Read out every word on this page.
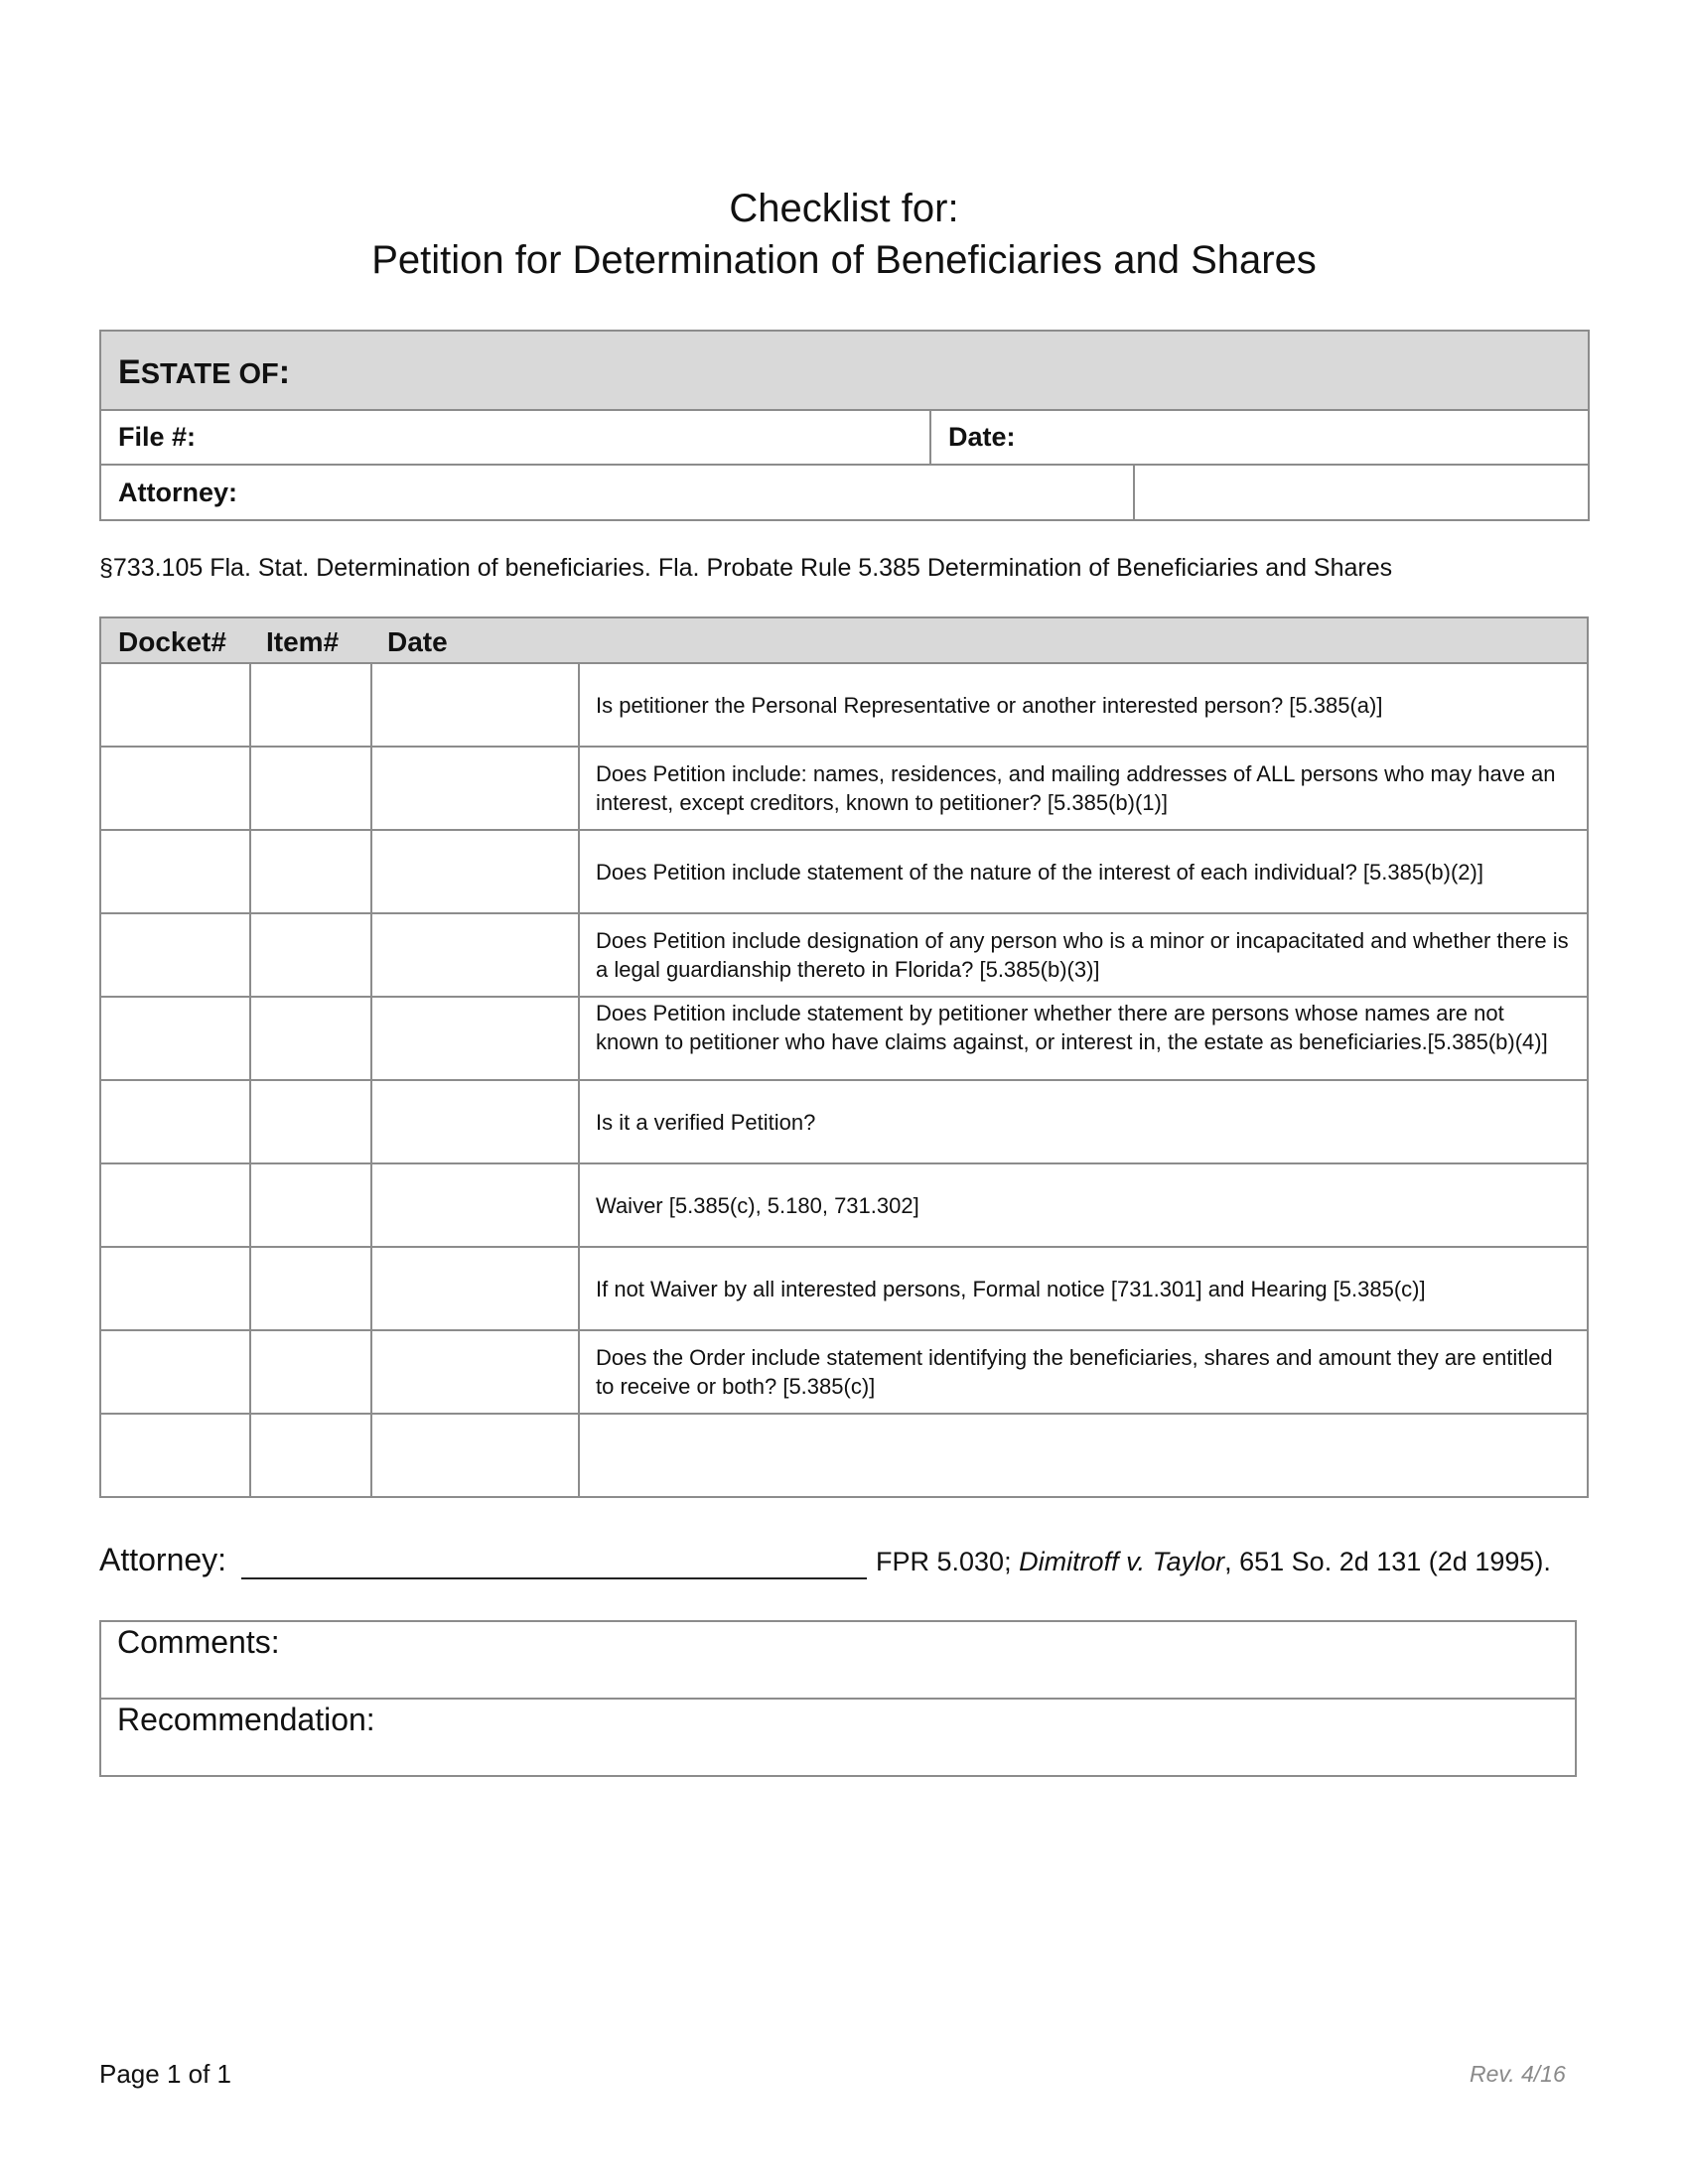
Checklist for:
Petition for Determination of Beneficiaries and Shares
ESTATE OF:
File #:	Date:
Attorney:
§733.105 Fla. Stat. Determination of beneficiaries. Fla. Probate Rule 5.385 Determination of Beneficiaries and Shares
Docket# Item# Date
Is petitioner the Personal Representative or another interested person? [5.385(a)]
Does Petition include: names, residences, and mailing addresses of ALL persons who may have an interest, except creditors, known to petitioner? [5.385(b)(1)]
Does Petition include statement of the nature of the interest of each individual? [5.385(b)(2)]
Does Petition include designation of any person who is a minor or incapacitated and whether there is a legal guardianship thereto in Florida? [5.385(b)(3)]
Does Petition include statement by petitioner whether there are persons whose names are not known to petitioner who have claims against, or interest in, the estate as beneficiaries.[5.385(b)(4)]
Is it a verified Petition?
Waiver [5.385(c), 5.180, 731.302]
If not Waiver by all interested persons, Formal notice [731.301] and Hearing [5.385(c)]
Does the Order include statement identifying the beneficiaries, shares and amount they are entitled to receive or both? [5.385(c)]
Attorney:	FPR 5.030; Dimitroff v. Taylor, 651 So. 2d 131 (2d 1995).
Comments:
Recommendation:
Page 1 of 1	Rev. 4/16
